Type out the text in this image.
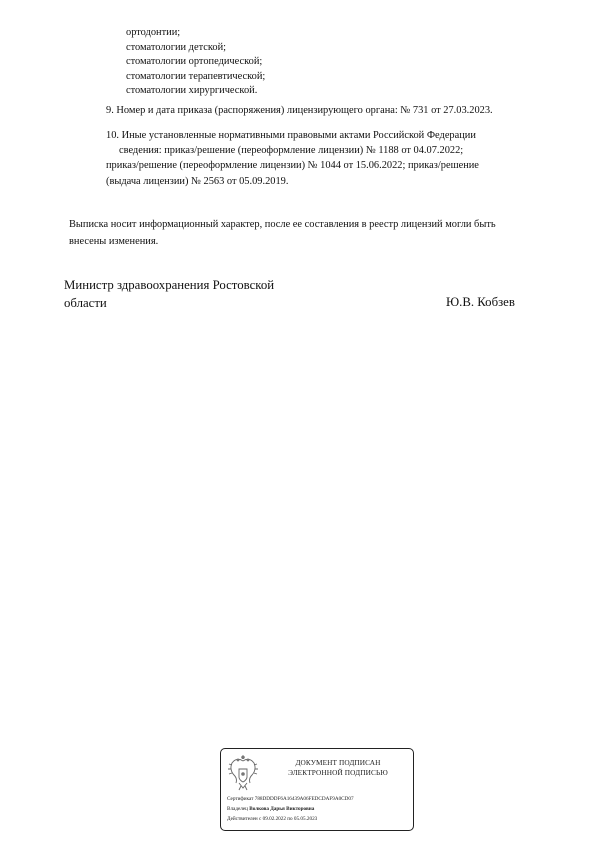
ортодонтии;
стоматологии детской;
стоматологии ортопедической;
стоматологии терапевтической;
стоматологии хирургической.
9. Номер и дата приказа (распоряжения) лицензирующего органа: № 731 от 27.03.2023.
10. Иные установленные нормативными правовыми актами Российской Федерации
сведения: приказ/решение (переоформление лицензии) № 1188 от 04.07.2022;
приказ/решение (переоформление лицензии) № 1044 от 15.06.2022; приказ/решение
(выдача лицензии) № 2563 от 05.09.2019.
Выписка носит информационный характер, после ее составления в реестр лицензий могли быть
внесены изменения.
Министр здравоохранения Ростовской
области	Ю.В. Кобзев
ДОКУМЕНТ ПОДПИСАН
ЭЛЕКТРОННОЙ ПОДПИСЬЮ
Сертификат 788DDDDF6A16439A06FEDCDAF9A0CD07
Владелец Волкова Дарья Викторовна
Действителен с 09.02.2022 по 05.05.2023
